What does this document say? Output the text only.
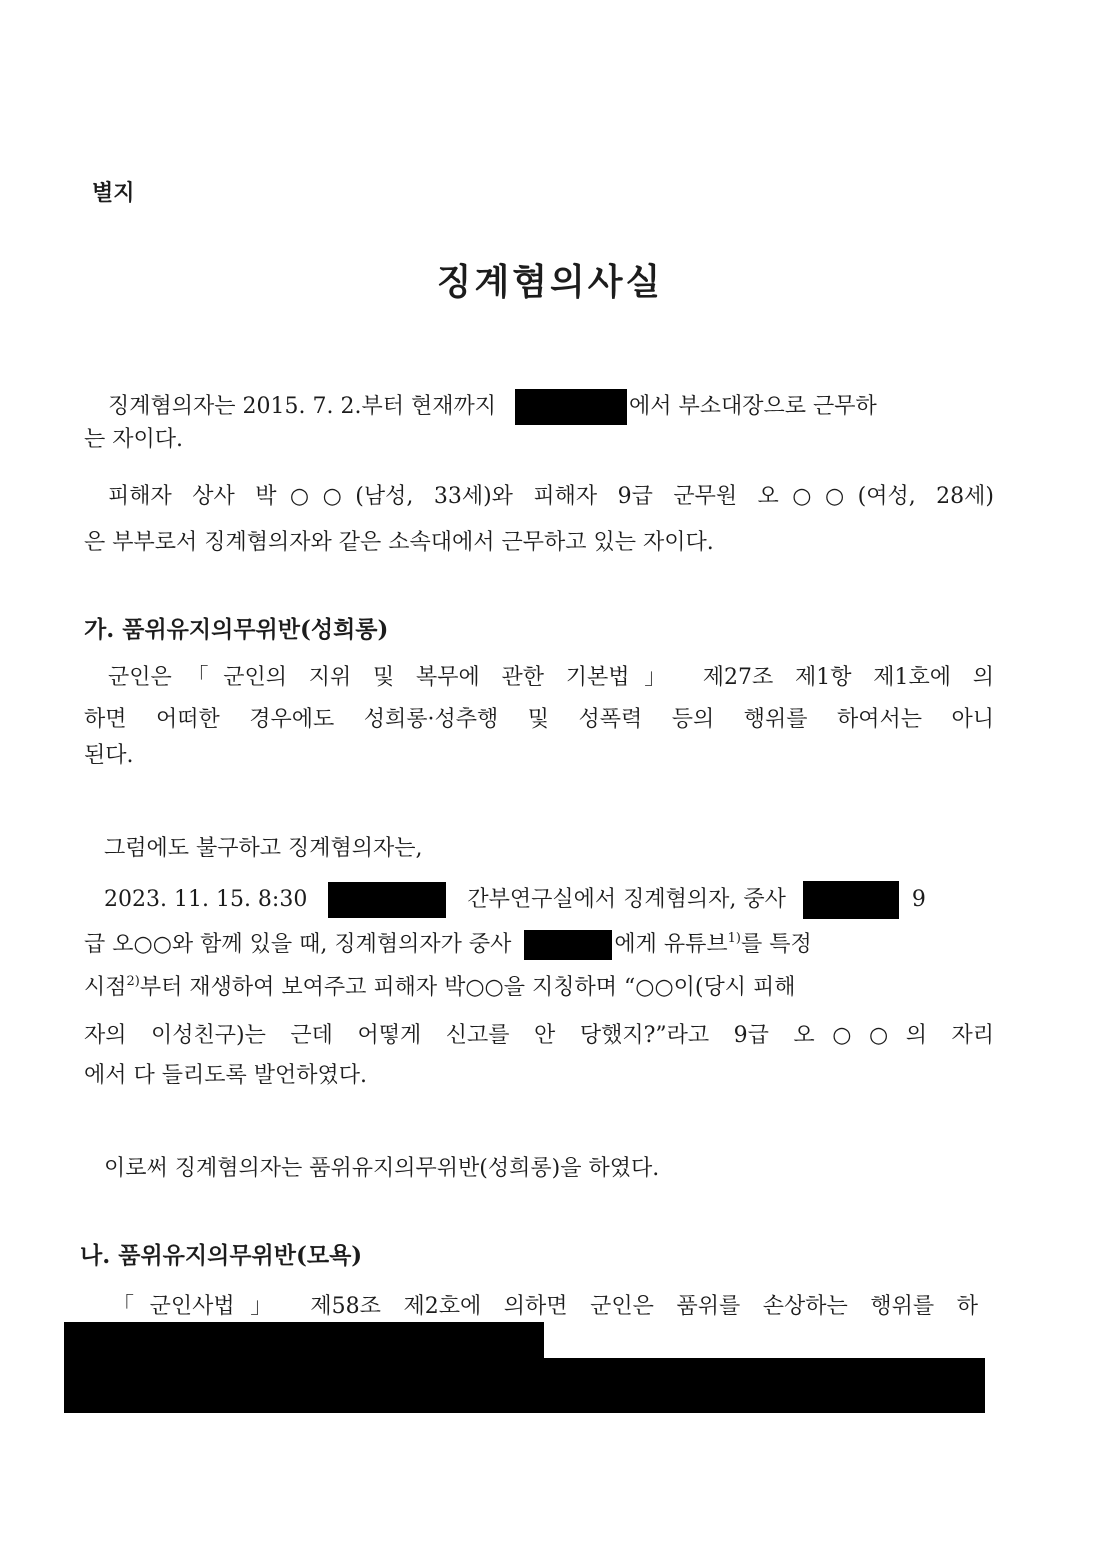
별지
징계혐의사실
징계혐의자는 2015. 7. 2.부터 현재까지	에서 부소대장으로 근무하
는 자이다.
피해자 상사 박○○(남성, 33세)와 피해자 9급 군무원 오○○(여성, 28세)
은 부부로서 징계혐의자와 같은 소속대에서 근무하고 있는 자이다.
가. 품위유지의무위반(성희롱)
군인은「군인의 지위 및 복무에 관한 기본법」 제27조 제1항 제1호에 의
하면 어떠한 경우에도 성희롱·성추행 및 성폭력 등의 행위를 하여서는 아니
된다.
그럼에도 불구하고 징계혐의자는,
2023. 11. 15. 8:30	간부연구실에서 징계혐의자, 중사	9
급 오○○와 함께 있을 때, 징계혐의자가 중사	에게 유튜브$^{1)}$를 특정
시점$^{2)}$부터 재생하여 보여주고 피해자 박○○을 지칭하며 “○○이(당시 피해
자의 이성친구)는 근데 어떻게 신고를 안 당했지?”라고 9급 오○○의 자리
에서 다 들리도록 발언하였다.
이로써 징계혐의자는 품위유지의무위반(성희롱)을 하였다.
나. 품위유지의무위반(모욕)
「군인사법」 제58조 제2호에 의하면 군인은 품위를 손상하는 행위를 하
